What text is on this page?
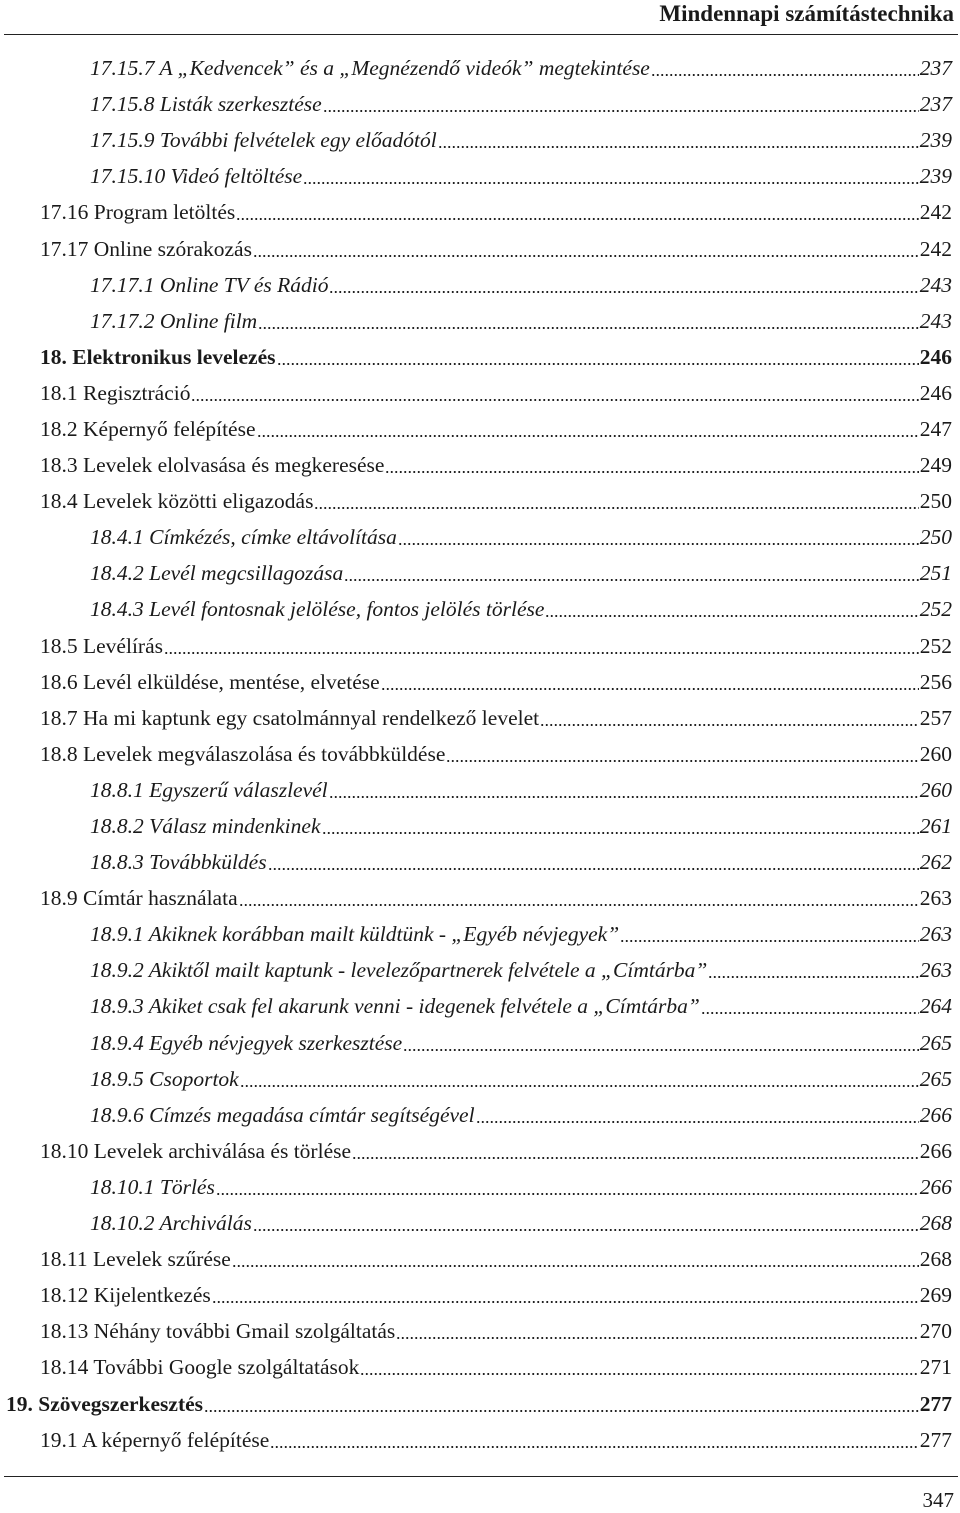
Mindennapi számítástechnika
17.15.7 A „Kedvencek” és a „Megnézendő videók” megtekintése	237
17.15.8 Listák szerkesztése	237
17.15.9 További felvételek egy előadótól	239
17.15.10 Videó feltöltése	239
17.16 Program letöltés	242
17.17 Online szórakozás	242
17.17.1 Online TV és Rádió	243
17.17.2 Online film	243
18. Elektronikus levelezés	246
18.1 Regisztráció	246
18.2 Képernyő felépítése	247
18.3 Levelek elolvasása és megkeresése	249
18.4 Levelek közötti eligazodás	250
18.4.1 Címkézés, címke eltávolítása	250
18.4.2 Levél megcsillagozása	251
18.4.3 Levél fontosnak jelölése, fontos jelölés törlése	252
18.5 Levélírás	252
18.6 Levél elküldése, mentése, elvetése	256
18.7 Ha mi kaptunk egy csatolmánnyal rendelkező levelet	257
18.8 Levelek megválaszolása és továbbküldése	260
18.8.1 Egyszerű válaszlevél	260
18.8.2 Válasz mindenkinek	261
18.8.3 Továbbküldés	262
18.9 Címtár használata	263
18.9.1 Akiknek korábban mailt küldtünk - „Egyéb névjegyek”	263
18.9.2 Akiktől mailt kaptunk - levelezőpartnerek felvétele a „Címtárba”	263
18.9.3 Akiket csak fel akarunk venni - idegenek felvétele a „Címtárba”	264
18.9.4 Egyéb névjegyek szerkesztése	265
18.9.5 Csoportok	265
18.9.6 Címzés megadása címtár segítségével	266
18.10 Levelek archiválása és törlése	266
18.10.1 Törlés	266
18.10.2 Archiválás	268
18.11 Levelek szűrése	268
18.12 Kijelentkezés	269
18.13 Néhány további Gmail szolgáltatás	270
18.14 További Google szolgáltatások	271
19. Szövegszerkesztés	277
19.1 A képernyő felépítése	277
347
